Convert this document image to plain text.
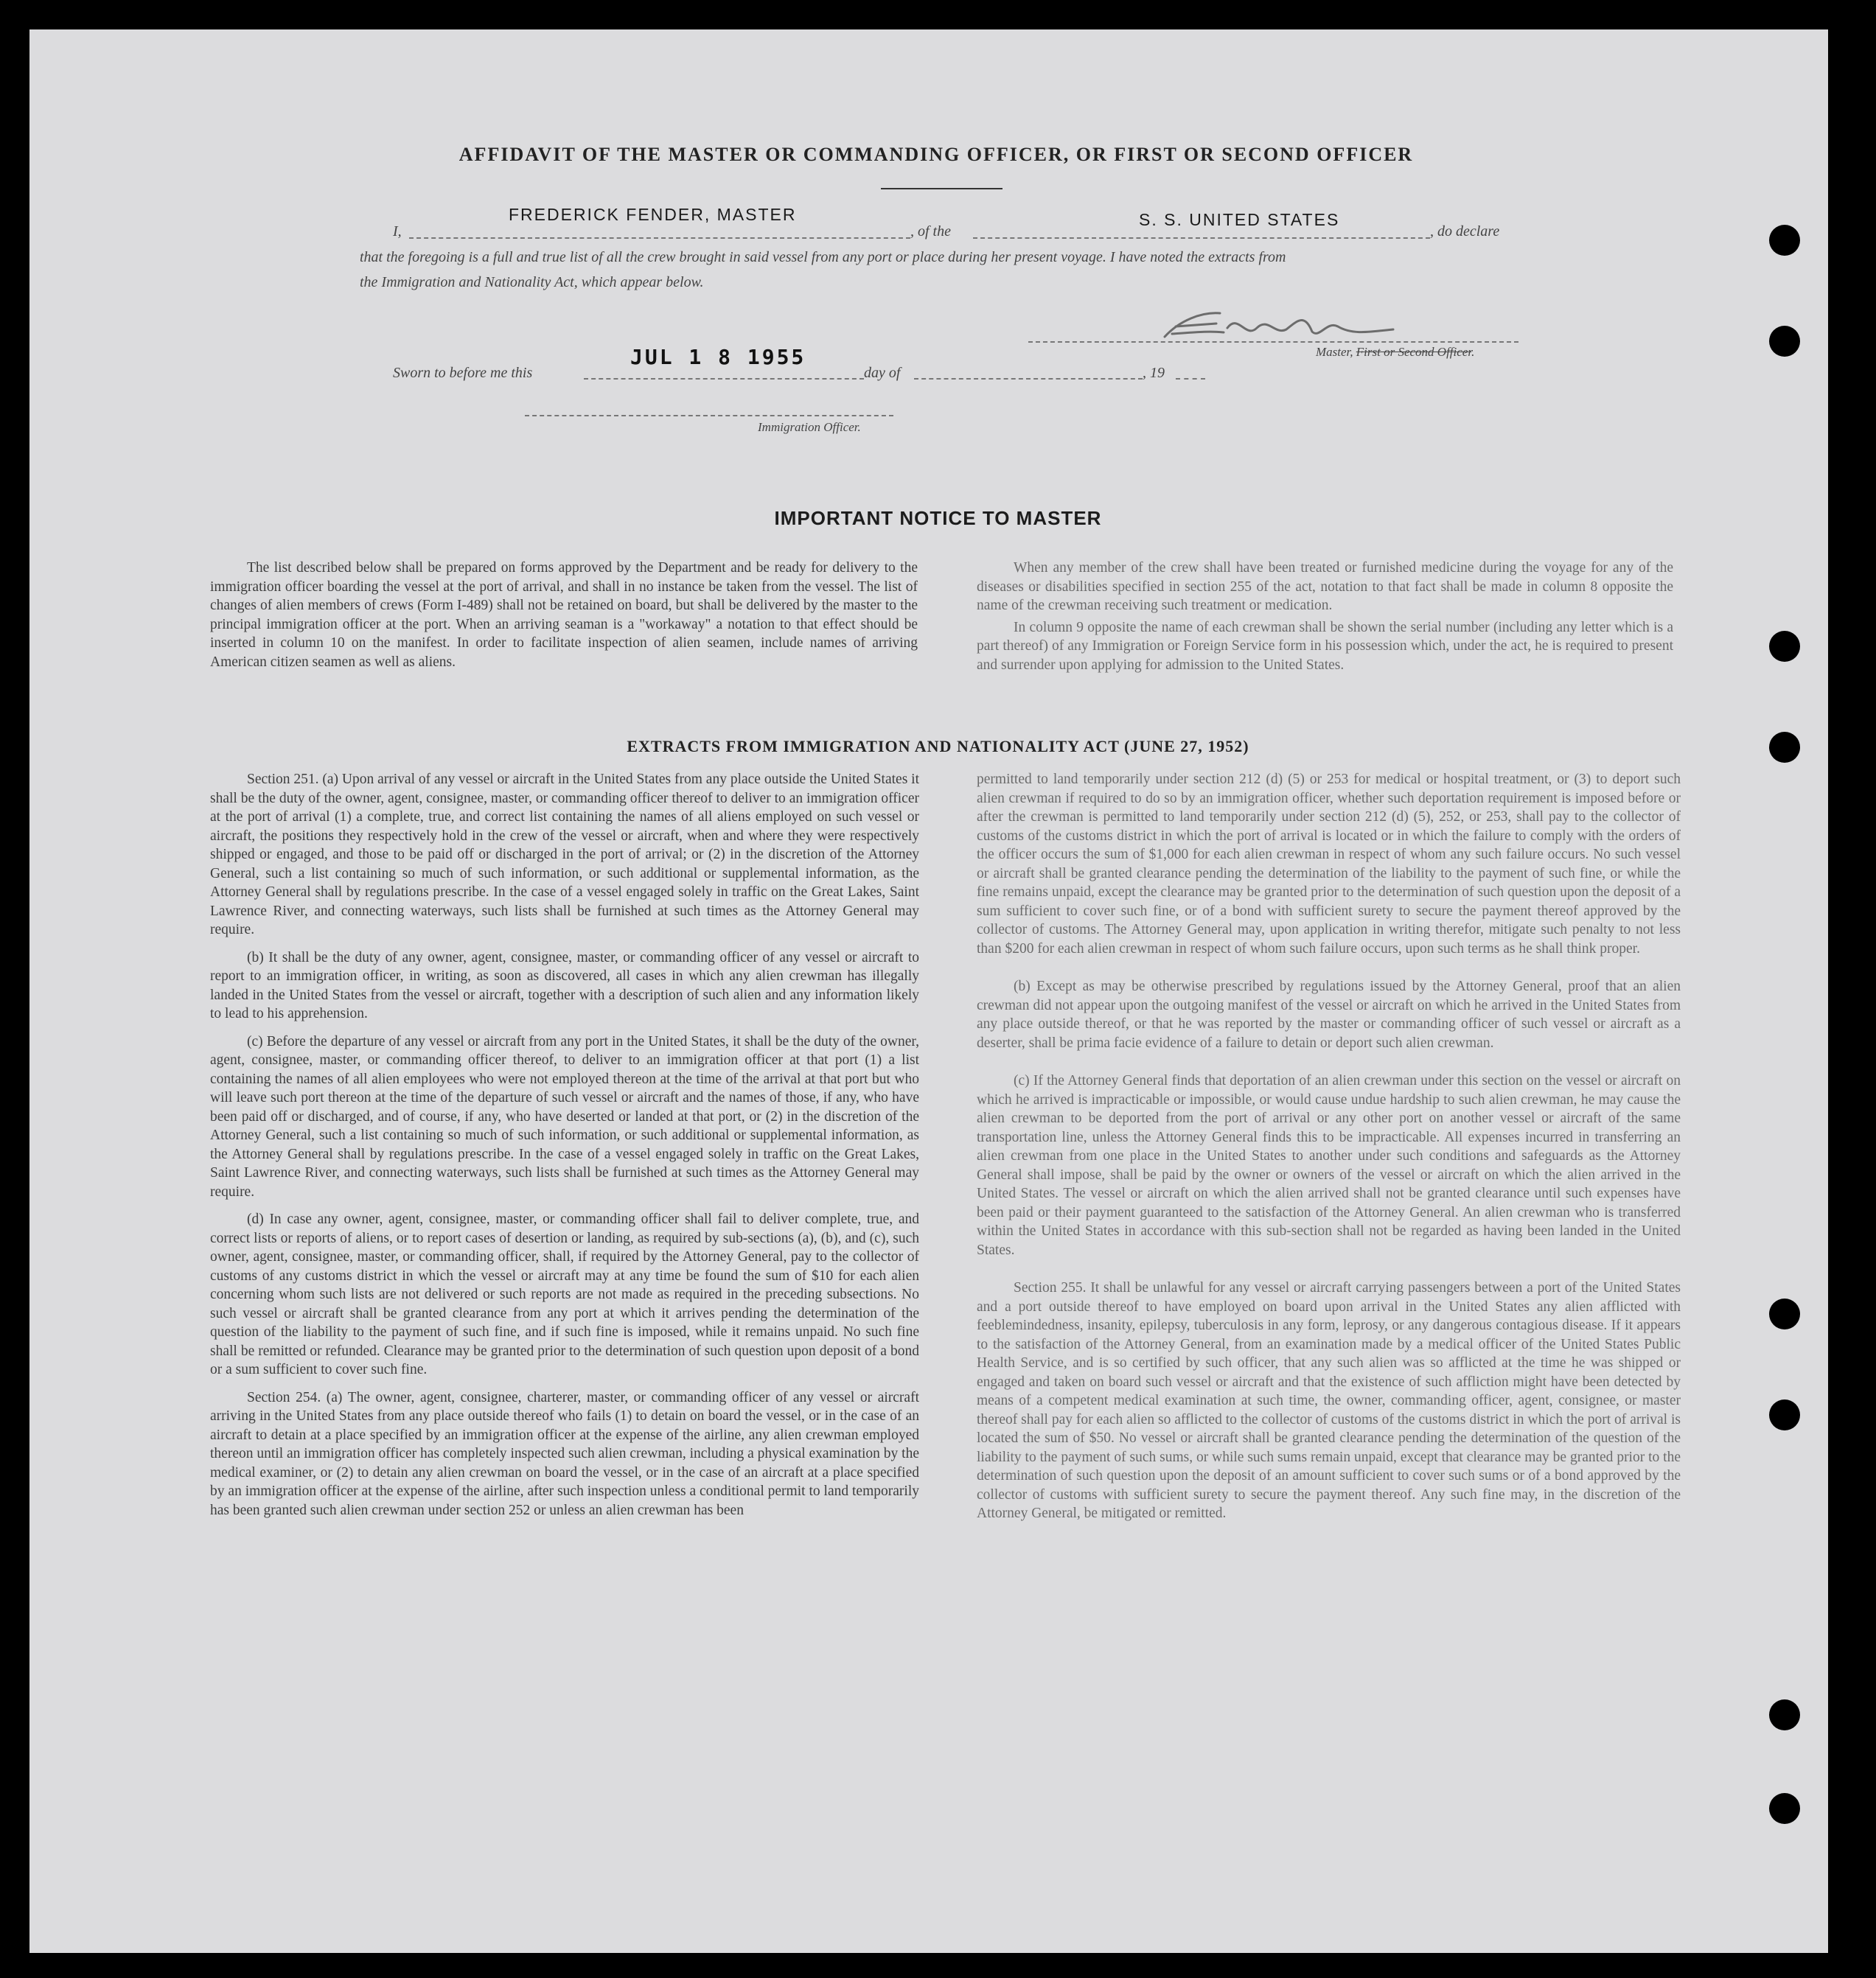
AFFIDAVIT OF THE MASTER OR COMMANDING OFFICER, OR FIRST OR SECOND OFFICER
I,
FREDERICK FENDER, MASTER
, of the
S. S. UNITED STATES
, do declare
that the foregoing is a full and true list of all the crew brought in said vessel from any port or place during her present voyage. I have noted the extracts from
the Immigration and Nationality Act, which appear below.
Master, First or Second Officer.
Sworn to before me this
JUL 1 8 1955
day of	, 19
Immigration Officer.
IMPORTANT NOTICE TO MASTER

The list described below shall be prepared on forms approved by the Department and be ready for delivery to the immigration officer boarding the vessel at the port of arrival, and shall in no instance be taken from the vessel. The list of changes of alien members of crews (Form I-489) shall not be retained on board, but shall be delivered by the master to the principal immigration officer at the port. When an arriving seaman is a "workaway" a notation to that effect should be inserted in column 10 on the manifest. In order to facilitate inspection of alien seamen, include names of arriving American citizen seamen as well as aliens.

When any member of the crew shall have been treated or furnished medicine during the voyage for any of the diseases or disabilities specified in section 255 of the act, notation to that fact shall be made in column 8 opposite the name of the crewman receiving such treatment or medication.

In column 9 opposite the name of each crewman shall be shown the serial number (including any letter which is a part thereof) of any Immigration or Foreign Service form in his possession which, under the act, he is required to present and surrender upon applying for admission to the United States.

EXTRACTS FROM IMMIGRATION AND NATIONALITY ACT (JUNE 27, 1952)

Section 251. (a) Upon arrival of any vessel or aircraft in the United States from any place outside the United States it shall be the duty of the owner, agent, consignee, master, or commanding officer thereof to deliver to an immigration officer at the port of arrival (1) a complete, true, and correct list containing the names of all aliens employed on such vessel or aircraft, the positions they respectively hold in the crew of the vessel or aircraft, when and where they were respectively shipped or engaged, and those to be paid off or discharged in the port of arrival; or (2) in the discretion of the Attorney General, such a list containing so much of such information, or such additional or supplemental information, as the Attorney General shall by regulations prescribe. In the case of a vessel engaged solely in traffic on the Great Lakes, Saint Lawrence River, and connecting waterways, such lists shall be furnished at such times as the Attorney General may require.

(b) It shall be the duty of any owner, agent, consignee, master, or commanding officer of any vessel or aircraft to report to an immigration officer, in writing, as soon as discovered, all cases in which any alien crewman has illegally landed in the United States from the vessel or aircraft, together with a description of such alien and any information likely to lead to his apprehension.

(c) Before the departure of any vessel or aircraft from any port in the United States, it shall be the duty of the owner, agent, consignee, master, or commanding officer thereof, to deliver to an immigration officer at that port (1) a list containing the names of all alien employees who were not employed thereon at the time of the arrival at that port but who will leave such port thereon at the time of the departure of such vessel or aircraft and the names of those, if any, who have been paid off or discharged, and of course, if any, who have deserted or landed at that port, or (2) in the discretion of the Attorney General, such a list containing so much of such information, or such additional or supplemental information, as the Attorney General shall by regulations prescribe. In the case of a vessel engaged solely in traffic on the Great Lakes, Saint Lawrence River, and connecting waterways, such lists shall be furnished at such times as the Attorney General may require.

(d) In case any owner, agent, consignee, master, or commanding officer shall fail to deliver complete, true, and correct lists or reports of aliens, or to report cases of desertion or landing, as required by sub-sections (a), (b), and (c), such owner, agent, consignee, master, or commanding officer, shall, if required by the Attorney General, pay to the collector of customs of any customs district in which the vessel or aircraft may at any time be found the sum of $10 for each alien concerning whom such lists are not delivered or such reports are not made as required in the preceding subsections. No such vessel or aircraft shall be granted clearance from any port at which it arrives pending the determination of the question of the liability to the payment of such fine, and if such fine is imposed, while it remains unpaid. No such fine shall be remitted or refunded. Clearance may be granted prior to the determination of such question upon deposit of a bond or a sum sufficient to cover such fine.

Section 254. (a) The owner, agent, consignee, charterer, master, or commanding officer of any vessel or aircraft arriving in the United States from any place outside thereof who fails (1) to detain on board the vessel, or in the case of an aircraft to detain at a place specified by an immigration officer at the expense of the airline, any alien crewman employed thereon until an immigration officer has completely inspected such alien crewman, including a physical examination by the medical examiner, or (2) to detain any alien crewman on board the vessel, or in the case of an aircraft at a place specified by an immigration officer at the expense of the airline, after such inspection unless a conditional permit to land temporarily has been granted such alien crewman under section 252 or unless an alien crewman has been

permitted to land temporarily under section 212 (d) (5) or 253 for medical or hospital treatment, or (3) to deport such alien crewman if required to do so by an immigration officer, whether such deportation requirement is imposed before or after the crewman is permitted to land temporarily under section 212 (d) (5), 252, or 253, shall pay to the collector of customs of the customs district in which the port of arrival is located or in which the failure to comply with the orders of the officer occurs the sum of $1,000 for each alien crewman in respect of whom any such failure occurs. No such vessel or aircraft shall be granted clearance pending the determination of the liability to the payment of such fine, or while the fine remains unpaid, except the clearance may be granted prior to the determination of such question upon the deposit of a sum sufficient to cover such fine, or of a bond with sufficient surety to secure the payment thereof approved by the collector of customs. The Attorney General may, upon application in writing therefor, mitigate such penalty to not less than $200 for each alien crewman in respect of whom such failure occurs, upon such terms as he shall think proper.

(b) Except as may be otherwise prescribed by regulations issued by the Attorney General, proof that an alien crewman did not appear upon the outgoing manifest of the vessel or aircraft on which he arrived in the United States from any place outside thereof, or that he was reported by the master or commanding officer of such vessel or aircraft as a deserter, shall be prima facie evidence of a failure to detain or deport such alien crewman.

(c) If the Attorney General finds that deportation of an alien crewman under this section on the vessel or aircraft on which he arrived is impracticable or impossible, or would cause undue hardship to such alien crewman, he may cause the alien crewman to be deported from the port of arrival or any other port on another vessel or aircraft of the same transportation line, unless the Attorney General finds this to be impracticable. All expenses incurred in transferring an alien crewman from one place in the United States to another under such conditions and safeguards as the Attorney General shall impose, shall be paid by the owner or owners of the vessel or aircraft on which the alien arrived in the United States. The vessel or aircraft on which the alien arrived shall not be granted clearance until such expenses have been paid or their payment guaranteed to the satisfaction of the Attorney General. An alien crewman who is transferred within the United States in accordance with this sub-section shall not be regarded as having been landed in the United States.

Section 255. It shall be unlawful for any vessel or aircraft carrying passengers between a port of the United States and a port outside thereof to have employed on board upon arrival in the United States any alien afflicted with feeblemindedness, insanity, epilepsy, tuberculosis in any form, leprosy, or any dangerous contagious disease. If it appears to the satisfaction of the Attorney General, from an examination made by a medical officer of the United States Public Health Service, and is so certified by such officer, that any such alien was so afflicted at the time he was shipped or engaged and taken on board such vessel or aircraft and that the existence of such affliction might have been detected by means of a competent medical examination at such time, the owner, commanding officer, agent, consignee, or master thereof shall pay for each alien so afflicted to the collector of customs of the customs district in which the port of arrival is located the sum of $50. No vessel or aircraft shall be granted clearance pending the determination of the question of the liability to the payment of such sums, or while such sums remain unpaid, except that clearance may be granted prior to the determination of such question upon the deposit of an amount sufficient to cover such sums or of a bond approved by the collector of customs with sufficient surety to secure the payment thereof. Any such fine may, in the discretion of the Attorney General, be mitigated or remitted.
